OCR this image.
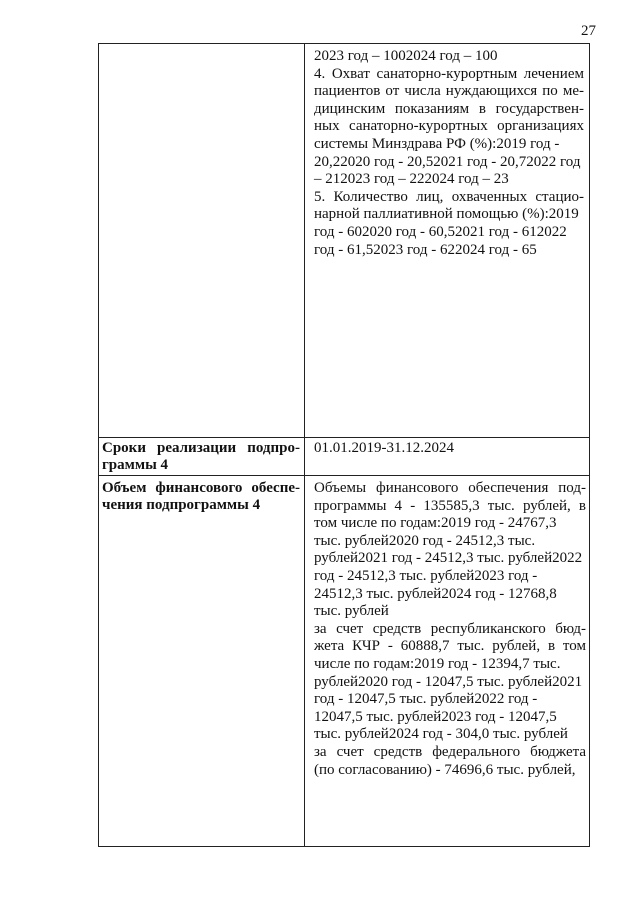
27
2023 год – 1002024 год – 100
4. Охват санаторно-курортным лечением
пациентов от числа нуждающихся по ме-
дицинским показаниям в государствен-
ных санаторно-курортных организациях
системы Минздрава РФ (%):2019 год - 20,22020 год - 20,52021 год - 20,72022 год – 212023 год – 222024 год – 23
5. Количество лиц, охваченных стацио-
нарной паллиативной помощью (%):2019 год - 602020 год - 60,52021 год - 612022 год - 61,52023 год - 622024 год - 65
Сроки реализации подпро-
граммы 4
01.01.2019-31.12.2024
Объем финансового обеспе-
чения подпрограммы 4
Объемы финансового обеспечения под-
программы 4 - 135585,3 тыс. рублей, в
том числе по годам:2019 год - 24767,3 тыс. рублей2020 год - 24512,3 тыс. рублей2021 год - 24512,3 тыс. рублей2022 год - 24512,3 тыс. рублей2023 год - 24512,3 тыс. рублей2024 год - 12768,8 тыс. рублей
за счет средств республиканского бюд-
жета КЧР - 60888,7 тыс. рублей, в том
числе по годам:2019 год - 12394,7 тыс. рублей2020 год - 12047,5 тыс. рублей2021 год - 12047,5 тыс. рублей2022 год - 12047,5 тыс. рублей2023 год - 12047,5 тыс. рублей2024 год - 304,0 тыс. рублей
за счет средств федерального бюджета
(по согласованию) - 74696,6 тыс. рублей,
